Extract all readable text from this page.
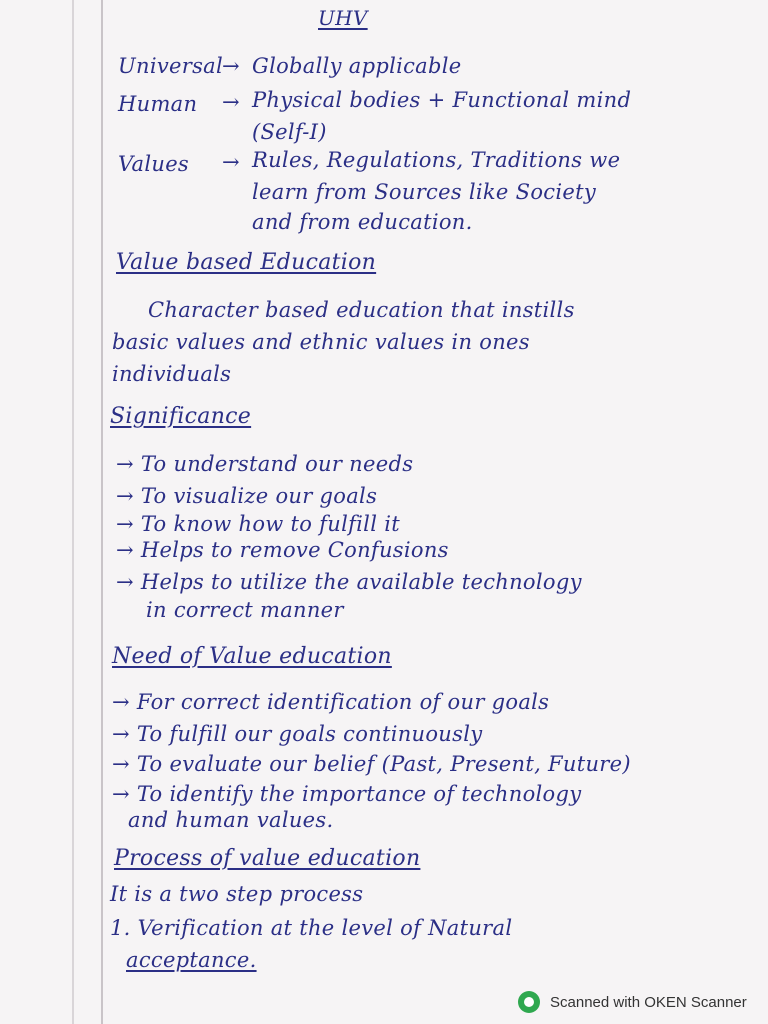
UHV
Universal → Globally applicable
Human → Physical bodies + Functional mind
(Self-I)
Values → Rules, Regulations, Traditions we
learn from Sources like Society
and from education.
Value based Education
Character based education that instills
basic values and ethnic values in ones
individuals
Significance
→ To understand our needs
→ To visualize our goals
→ To know how to fulfill it
→ Helps to remove Confusions
→ Helps to utilize the available technology
in correct manner
Need of Value education
→ For correct identification of our goals
→ To fulfill our goals continuously
→ To evaluate our belief (Past, Present, Future)
→ To identify the importance of technology
and human values.
Process of value education
It is a two step process
1. Verification at the level of Natural
acceptance.
Scanned with OKEN Scanner
